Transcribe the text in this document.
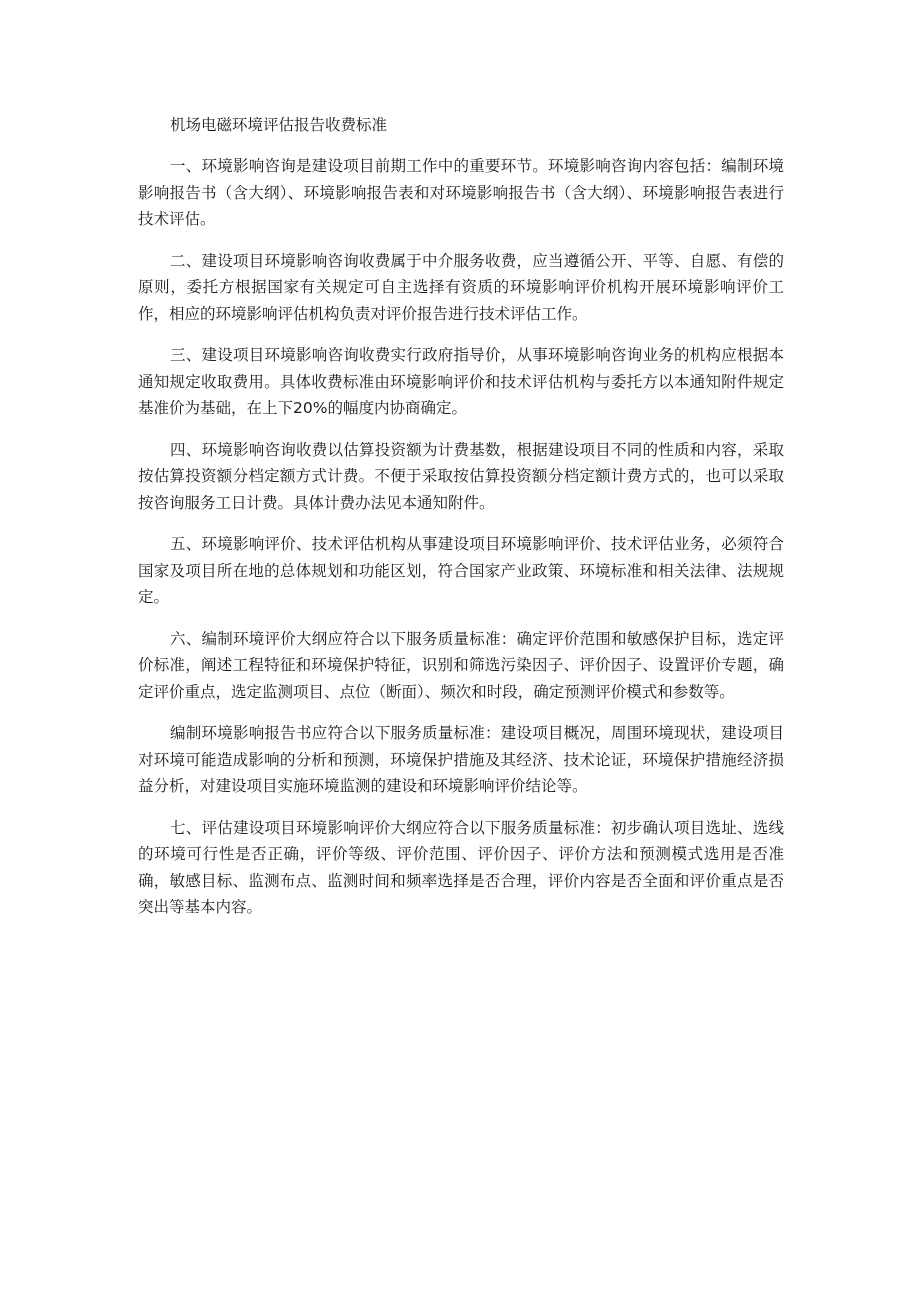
机场电磁环境评估报告收费标准

一、环境影响咨询是建设项目前期工作中的重要环节。环境影响咨询内容包括：编制环境影响报告书（含大纲）、环境影响报告表和对环境影响报告书（含大纲）、环境影响报告表进行技术评估。

二、建设项目环境影响咨询收费属于中介服务收费，应当遵循公开、平等、自愿、有偿的原则，委托方根据国家有关规定可自主选择有资质的环境影响评价机构开展环境影响评价工作，相应的环境影响评估机构负责对评价报告进行技术评估工作。

三、建设项目环境影响咨询收费实行政府指导价，从事环境影响咨询业务的机构应根据本通知规定收取费用。具体收费标准由环境影响评价和技术评估机构与委托方以本通知附件规定基准价为基础，在上下20%的幅度内协商确定。

四、环境影响咨询收费以估算投资额为计费基数，根据建设项目不同的性质和内容，采取按估算投资额分档定额方式计费。不便于采取按估算投资额分档定额计费方式的，也可以采取按咨询服务工日计费。具体计费办法见本通知附件。

五、环境影响评价、技术评估机构从事建设项目环境影响评价、技术评估业务，必须符合国家及项目所在地的总体规划和功能区划，符合国家产业政策、环境标准和相关法律、法规规定。

六、编制环境评价大纲应符合以下服务质量标准：确定评价范围和敏感保护目标，选定评价标准，阐述工程特征和环境保护特征，识别和筛选污染因子、评价因子、设置评价专题，确定评价重点，选定监测项目、点位（断面）、频次和时段，确定预测评价模式和参数等。

编制环境影响报告书应符合以下服务质量标准：建设项目概况，周围环境现状，建设项目对环境可能造成影响的分析和预测，环境保护措施及其经济、技术论证，环境保护措施经济损益分析，对建设项目实施环境监测的建设和环境影响评价结论等。

七、评估建设项目环境影响评价大纲应符合以下服务质量标准：初步确认项目选址、选线的环境可行性是否正确，评价等级、评价范围、评价因子、评价方法和预测模式选用是否准确，敏感目标、监测布点、监测时间和频率选择是否合理，评价内容是否全面和评价重点是否突出等基本内容。
